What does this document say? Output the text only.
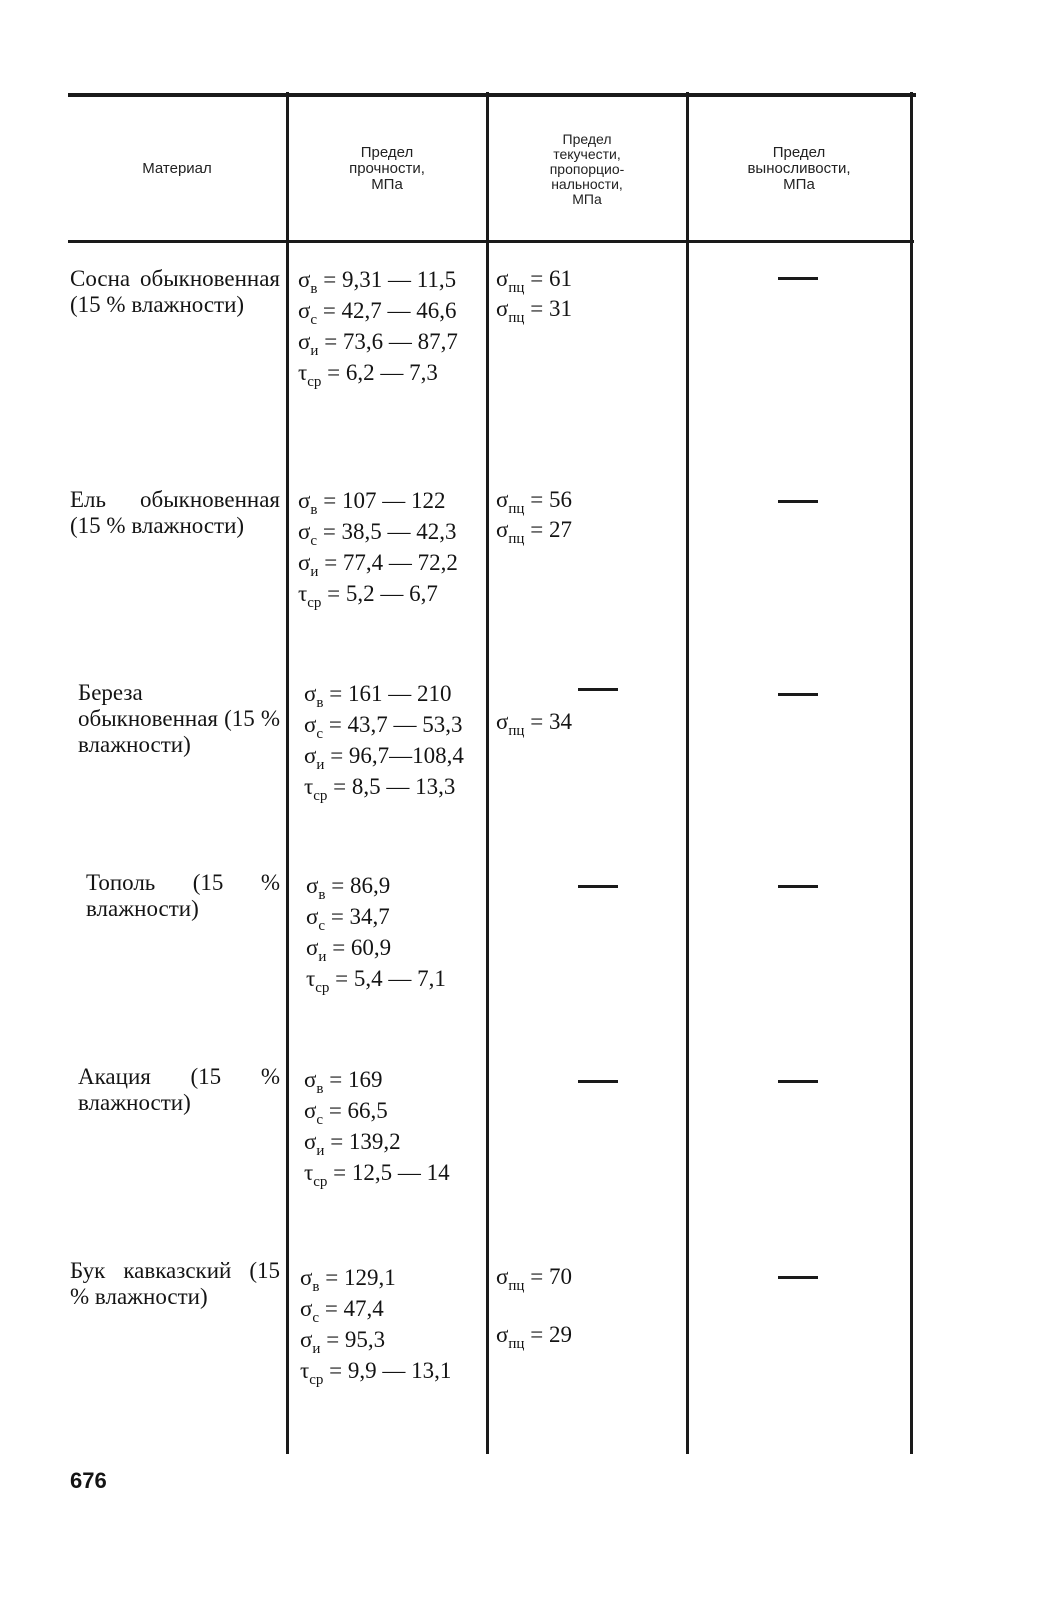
Материал
Предел
прочности,
МПа
Предел
текучести,
пропорцио-
нальности,
МПа
Предел
выносливости,
МПа
Сосна обыкновенная (15 % влажности)
$\sigma_в = 9,31$ — 11,5
$\sigma_с = 42,7$ — 46,6
$\sigma_и = 73,6$ — 87,7
$\tau_{ср} = 6,2$ — 7,3
$\sigma_{пц} = 61$
$\sigma_{пц} = 31$
Ель обыкновенная (15 % влажности)
$\sigma_в = 107$ — 122
$\sigma_с = 38,5$ — 42,3
$\sigma_и = 77,4$ — 72,2
$\tau_{ср} = 5,2$ — 6,7
$\sigma_{пц} = 56$
$\sigma_{пц} = 27$
Береза обыкновенная (15 % влажности)
$\sigma_в = 161$ — 210
$\sigma_с = 43,7$ — 53,3
$\sigma_и$ = 96,7—108,4
$\tau_{ср} = 8,5$ — 13,3
$\sigma_{пц} = 34$
Тополь (15 % влажности)
$\sigma_в = 86,9$
$\sigma_с = 34,7$
$\sigma_и = 60,9$
$\tau_{ср} = 5,4$ — 7,1
Акация (15 % влажности)
$\sigma_в = 169$
$\sigma_с = 66,5$
$\sigma_и = 139,2$
$\tau_{ср} = 12,5$ — 14
Бук кавказский (15 % влажности)
$\sigma_в = 129,1$
$\sigma_с = 47,4$
$\sigma_и = 95,3$
$\tau_{ср} = 9,9$ — 13,1
$\sigma_{пц} = 70$
$\sigma_{пц} = 29$
676
